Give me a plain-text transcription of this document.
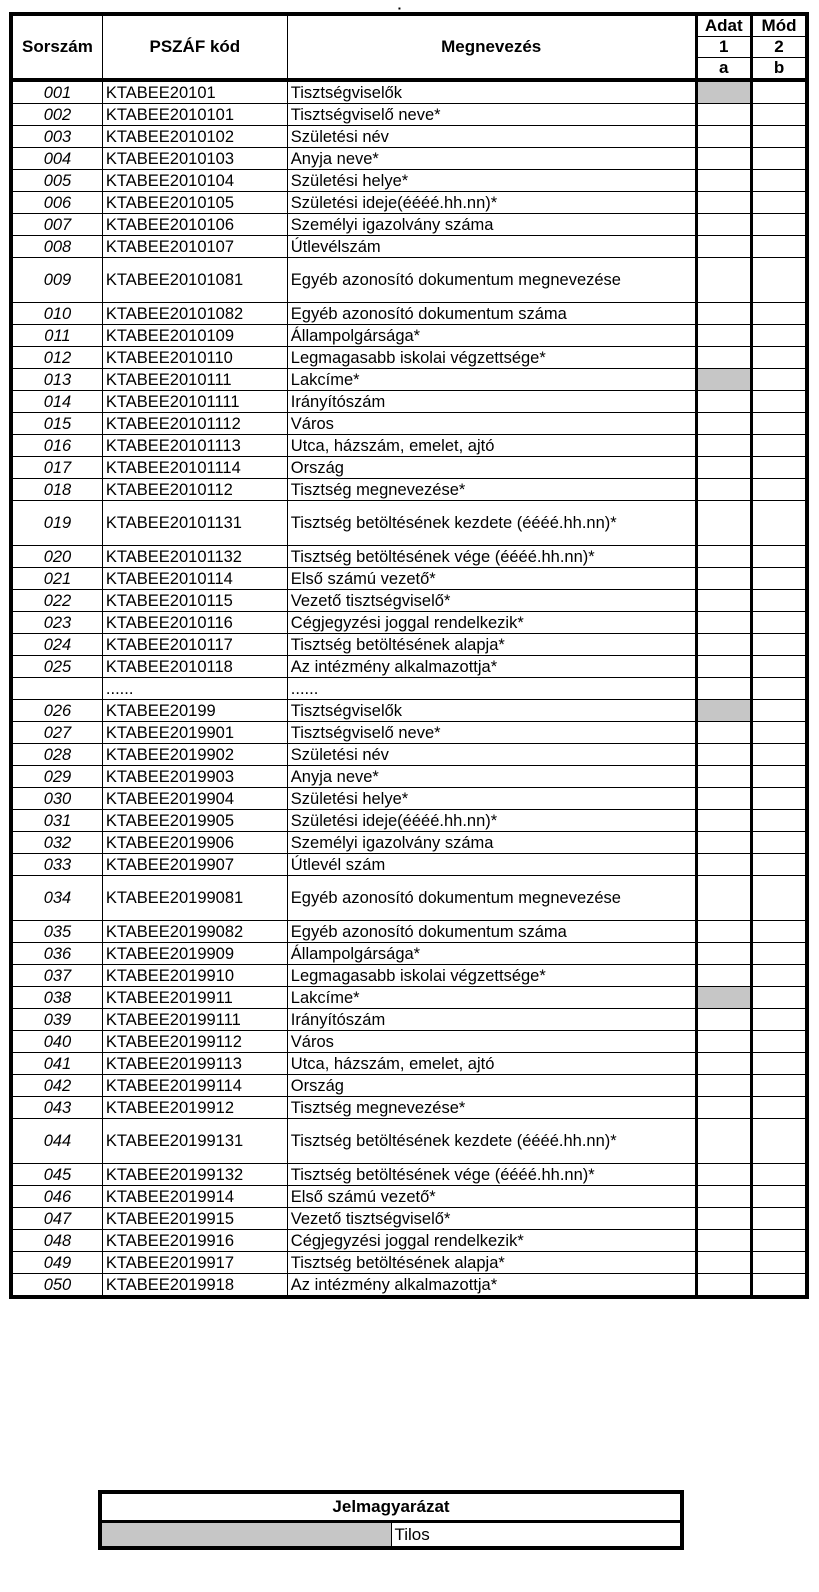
▪
Sorszám	PSZÁF kód	Megnevezés	Adat	Mód
			1	2
			a	b
001	KTABEE20101	Tisztségviselők		
002	KTABEE2010101	Tisztségviselő neve*		
003	KTABEE2010102	Születési név		
004	KTABEE2010103	Anyja neve*		
005	KTABEE2010104	Születési helye*		
006	KTABEE2010105	Születési ideje(éééé.hh.nn)*		
007	KTABEE2010106	Személyi igazolvány száma		
008	KTABEE2010107	Útlevélszám		
009	KTABEE20101081	Egyéb azonosító dokumentum megnevezése		
010	KTABEE20101082	Egyéb azonosító dokumentum száma		
011	KTABEE2010109	Állampolgársága*		
012	KTABEE2010110	Legmagasabb iskolai végzettsége*		
013	KTABEE2010111	Lakcíme*		
014	KTABEE20101111	Irányítószám		
015	KTABEE20101112	Város		
016	KTABEE20101113	Utca, házszám, emelet, ajtó		
017	KTABEE20101114	Ország		
018	KTABEE2010112	Tisztség megnevezése*		
019	KTABEE20101131	Tisztség betöltésének kezdete (éééé.hh.nn)*		
020	KTABEE20101132	Tisztség betöltésének vége (éééé.hh.nn)*		
021	KTABEE2010114	Első számú vezető*		
022	KTABEE2010115	Vezető tisztségviselő*		
023	KTABEE2010116	Cégjegyzési joggal rendelkezik*		
024	KTABEE2010117	Tisztség betöltésének alapja*		
025	KTABEE2010118	Az intézmény alkalmazottja*		
	......	......		
026	KTABEE20199	Tisztségviselők		
027	KTABEE2019901	Tisztségviselő neve*		
028	KTABEE2019902	Születési név		
029	KTABEE2019903	Anyja neve*		
030	KTABEE2019904	Születési helye*		
031	KTABEE2019905	Születési ideje(éééé.hh.nn)*		
032	KTABEE2019906	Személyi igazolvány száma		
033	KTABEE2019907	Útlevél szám		
034	KTABEE20199081	Egyéb azonosító dokumentum megnevezése		
035	KTABEE20199082	Egyéb azonosító dokumentum száma		
036	KTABEE2019909	Állampolgársága*		
037	KTABEE2019910	Legmagasabb iskolai végzettsége*		
038	KTABEE2019911	Lakcíme*		
039	KTABEE20199111	Irányítószám		
040	KTABEE20199112	Város		
041	KTABEE20199113	Utca, házszám, emelet, ajtó		
042	KTABEE20199114	Ország		
043	KTABEE2019912	Tisztség megnevezése*		
044	KTABEE20199131	Tisztség betöltésének kezdete (éééé.hh.nn)*		
045	KTABEE20199132	Tisztség betöltésének vége (éééé.hh.nn)*		
046	KTABEE2019914	Első számú vezető*		
047	KTABEE2019915	Vezető tisztségviselő*		
048	KTABEE2019916	Cégjegyzési joggal rendelkezik*		
049	KTABEE2019917	Tisztség betöltésének alapja*		
050	KTABEE2019918	Az intézmény alkalmazottja*		
Jelmagyarázat
	Tilos
